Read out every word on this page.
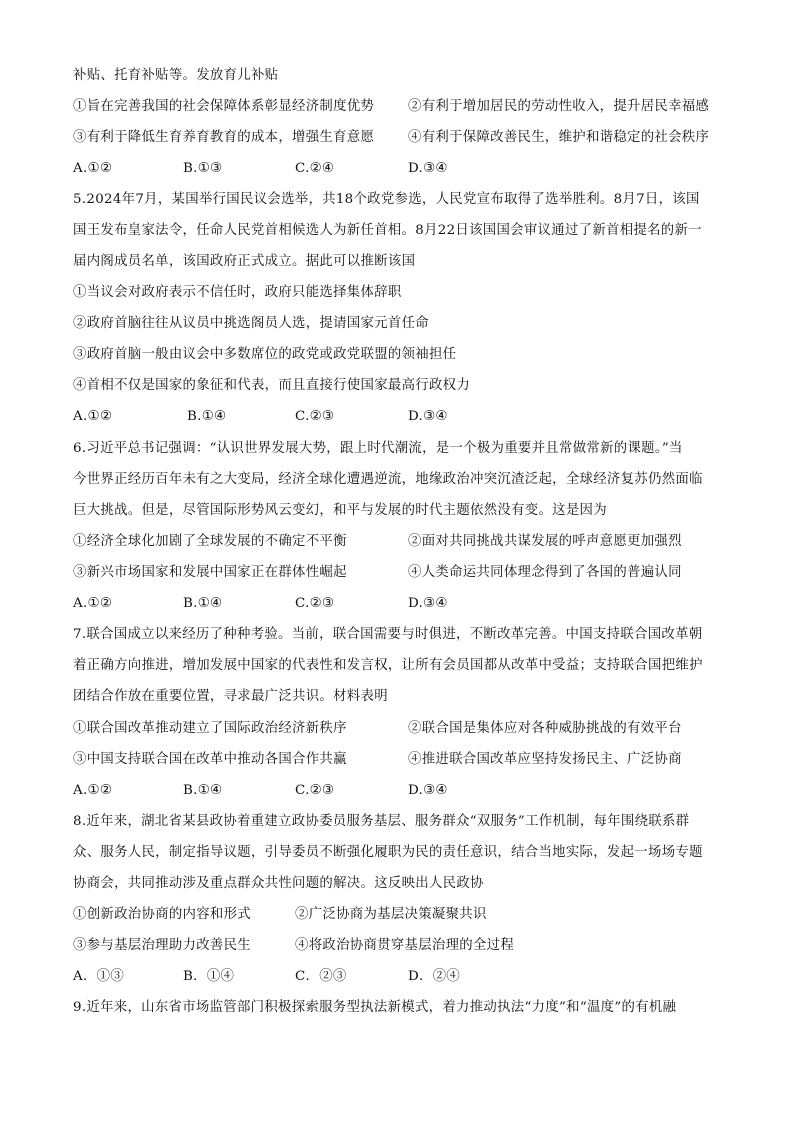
补贴、托育补贴等。发放育儿补贴
①旨在完善我国的社会保障体系彰显经济制度优势	②有利于增加居民的劳动性收入，提升居民幸福感
③有利于降低生育养育教育的成本，增强生育意愿	④有利于保障改善民生，维护和谐稳定的社会秩序
A.①②	B.①③	C.②④	D.③④
5.2024年7月，某国举行国民议会选举，共18个政党参选，人民党宣布取得了选举胜利。8月7日，该国
国王发布皇家法令，任命人民党首相候选人为新任首相。8月22日该国国会审议通过了新首相提名的新一
届内阁成员名单，该国政府正式成立。据此可以推断该国
①当议会对政府表示不信任时，政府只能选择集体辞职
②政府首脑往往从议员中挑选阁员人选，提请国家元首任命
③政府首脑一般由议会中多数席位的政党或政党联盟的领袖担任
④首相不仅是国家的象征和代表，而且直接行使国家最高行政权力
A.①②	B.①④	C.②③	D.③④
6.习近平总书记强调：“认识世界发展大势，跟上时代潮流，是一个极为重要并且常做常新的课题。”当
今世界正经历百年未有之大变局，经济全球化遭遇逆流，地缘政治冲突沉渣泛起，全球经济复苏仍然面临
巨大挑战。但是，尽管国际形势风云变幻，和平与发展的时代主题依然没有变。这是因为
①经济全球化加剧了全球发展的不确定不平衡	②面对共同挑战共谋发展的呼声意愿更加强烈
③新兴市场国家和发展中国家正在群体性崛起	④人类命运共同体理念得到了各国的普遍认同
A.①②	B.①④	C.②③	D.③④
7.联合国成立以来经历了种种考验。当前，联合国需要与时俱进，不断改革完善。中国支持联合国改革朝
着正确方向推进，增加发展中国家的代表性和发言权，让所有会员国都从改革中受益；支持联合国把维护
团结合作放在重要位置，寻求最广泛共识。材料表明
①联合国改革推动建立了国际政治经济新秩序	②联合国是集体应对各种威胁挑战的有效平台
③中国支持联合国在改革中推动各国合作共赢	④推进联合国改革应坚持发扬民主、广泛协商
A.①②	B.①④	C.②③	D.③④
8.近年来，湖北省某县政协着重建立政协委员服务基层、服务群众“双服务”工作机制，每年围绕联系群
众、服务人民，制定指导议题，引导委员不断强化履职为民的责任意识，结合当地实际，发起一场场专题
协商会，共同推动涉及重点群众共性问题的解决。这反映出人民政协
①创新政治协商的内容和形式	②广泛协商为基层决策凝聚共识
③参与基层治理助力改善民生	④将政治协商贯穿基层治理的全过程
A．①③	B．①④	C．②③	D．②④
9.近年来，山东省市场监管部门积极探索服务型执法新模式，着力推动执法“力度”和“温度”的有机融
